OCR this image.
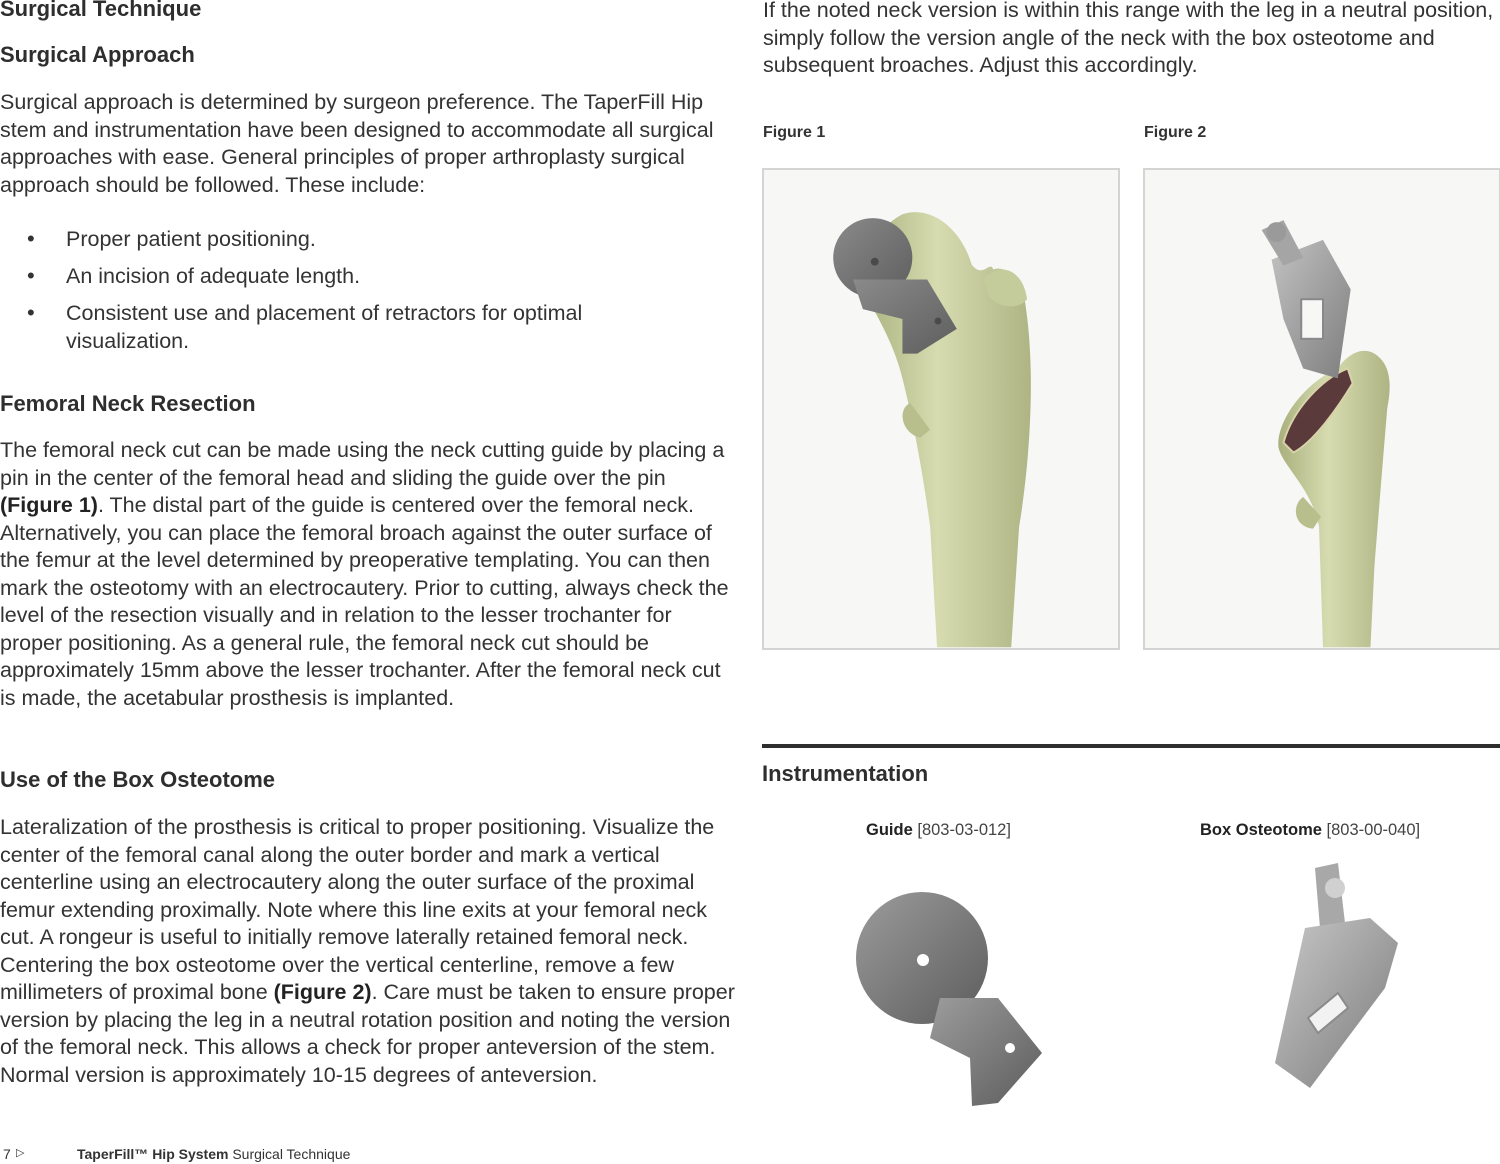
Surgical Technique
Surgical Approach

Surgical approach is determined by surgeon preference. The TaperFill Hip stem and instrumentation have been designed to accommodate all surgical approaches with ease. General principles of proper arthroplasty surgical approach should be followed. These include:

• Proper patient positioning.
• An incision of adequate length.
• Consistent use and placement of retractors for optimal visualization.
Femoral Neck Resection

The femoral neck cut can be made using the neck cutting guide by placing a pin in the center of the femoral head and sliding the guide over the pin (Figure 1). The distal part of the guide is centered over the femoral neck. Alternatively, you can place the femoral broach against the outer surface of the femur at the level determined by preoperative templating. You can then mark the osteotomy with an electrocautery. Prior to cutting, always check the level of the resection visually and in relation to the lesser trochanter for proper positioning. As a general rule, the femoral neck cut should be approximately 15mm above the lesser trochanter. After the femoral neck cut is made, the acetabular prosthesis is implanted.

Use of the Box Osteotome

Lateralization of the prosthesis is critical to proper positioning. Visualize the center of the femoral canal along the outer border and mark a vertical centerline using an electrocautery along the outer surface of the proximal femur extending proximally. Note where this line exits at your femoral neck cut. A rongeur is useful to initially remove laterally retained femoral neck. Centering the box osteotome over the vertical centerline, remove a few millimeters of proximal bone (Figure 2). Care must be taken to ensure proper version by placing the leg in a neutral rotation position and noting the version of the femoral neck. This allows a check for proper anteversion of the stem. Normal version is approximately 10-15 degrees of anteversion.

If the noted neck version is within this range with the leg in a neutral position, simply follow the version angle of the neck with the box osteotome and subsequent broaches. Adjust this accordingly.

Figure 1	Figure 2
Instrumentation
Guide [803-03-012]	Box Osteotome [803-00-040]
7 ▷	TaperFill™ Hip System Surgical Technique
